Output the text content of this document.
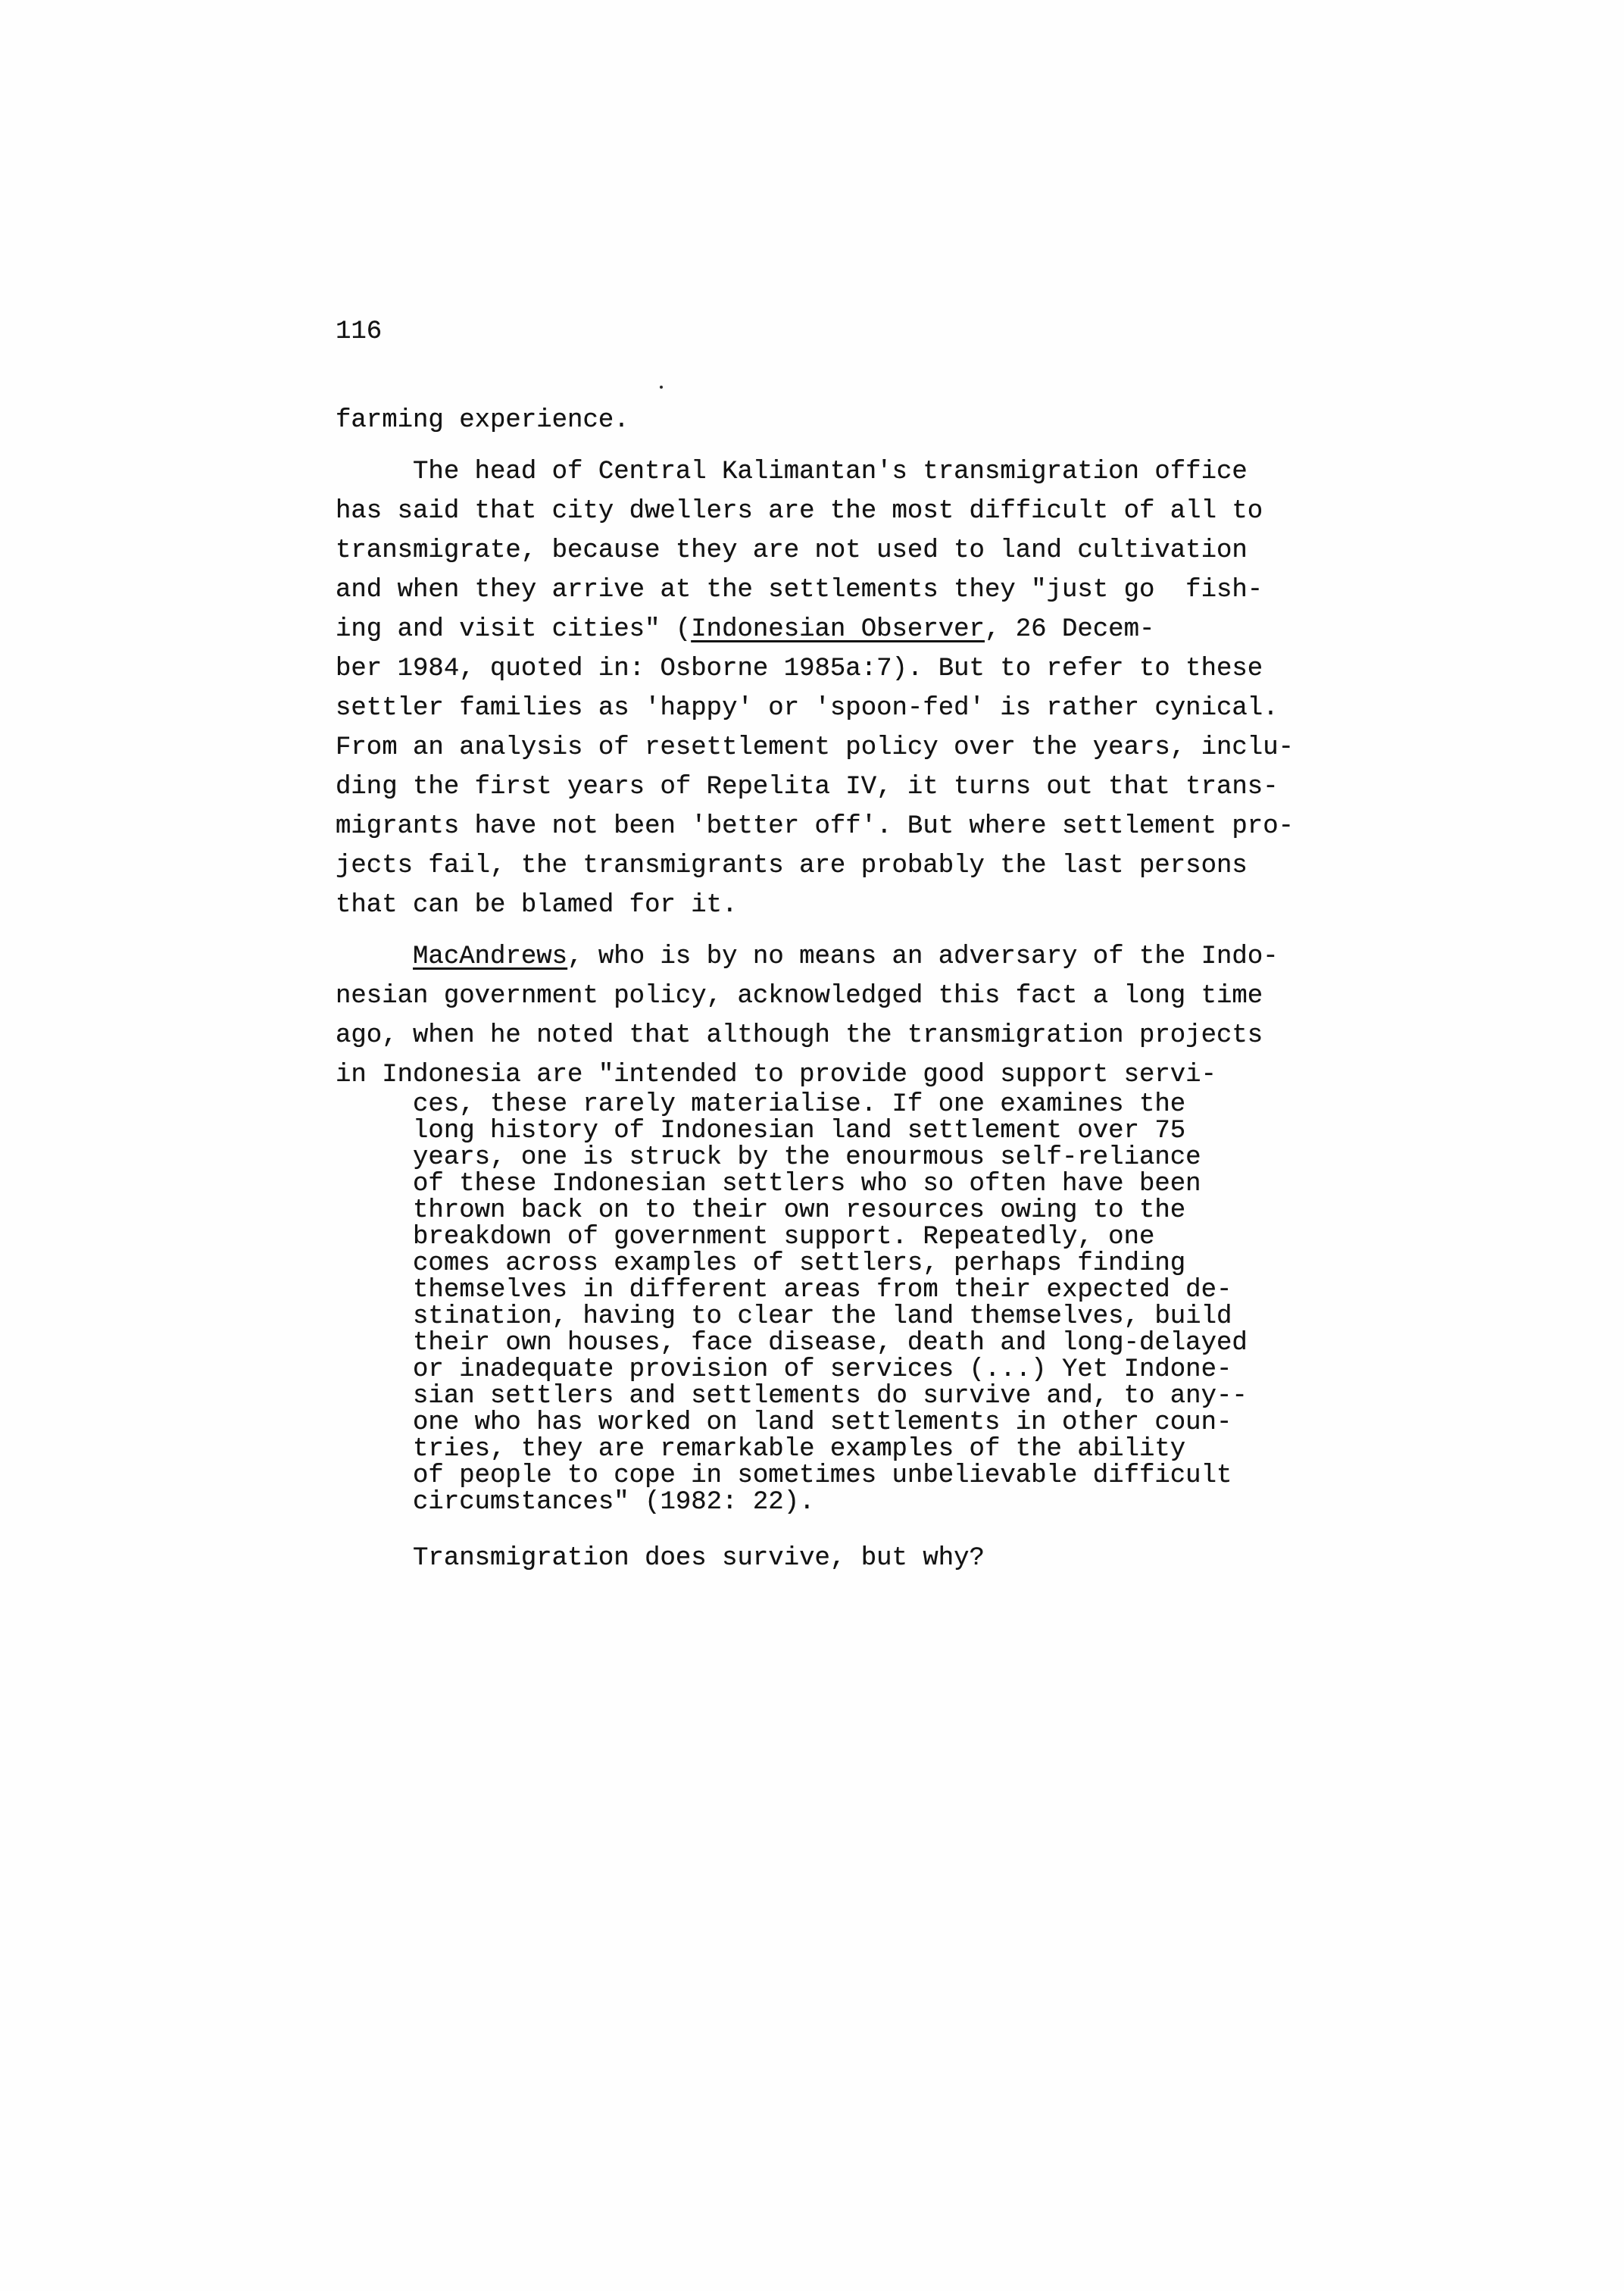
116
farming experience.
The head of Central Kalimantan's transmigration office
has said that city dwellers are the most difficult of all to
transmigrate, because they are not used to land cultivation
and when they arrive at the settlements they "just go  fish-
ing and visit cities" (Indonesian Observer, 26 Decem-
ber 1984, quoted in: Osborne 1985a:7). But to refer to these
settler families as 'happy' or 'spoon-fed' is rather cynical.
From an analysis of resettlement policy over the years, inclu-
ding the first years of Repelita IV, it turns out that trans-
migrants have not been 'better off'. But where settlement pro-
jects fail, the transmigrants are probably the last persons
that can be blamed for it.
MacAndrews, who is by no means an adversary of the Indo-
nesian government policy, acknowledged this fact a long time
ago, when he noted that although the transmigration projects
in Indonesia are "intended to provide good support servi-
ces, these rarely materialise. If one examines the
long history of Indonesian land settlement over 75
years, one is struck by the enourmous self-reliance
of these Indonesian settlers who so often have been
thrown back on to their own resources owing to the
breakdown of government support. Repeatedly, one
comes across examples of settlers, perhaps finding
themselves in different areas from their expected de-
stination, having to clear the land themselves, build
their own houses, face disease, death and long-delayed
or inadequate provision of services (...) Yet Indone-
sian settlers and settlements do survive and, to any--
one who has worked on land settlements in other coun-
tries, they are remarkable examples of the ability
of people to cope in sometimes unbelievable difficult
circumstances" (1982: 22).
Transmigration does survive, but why?
